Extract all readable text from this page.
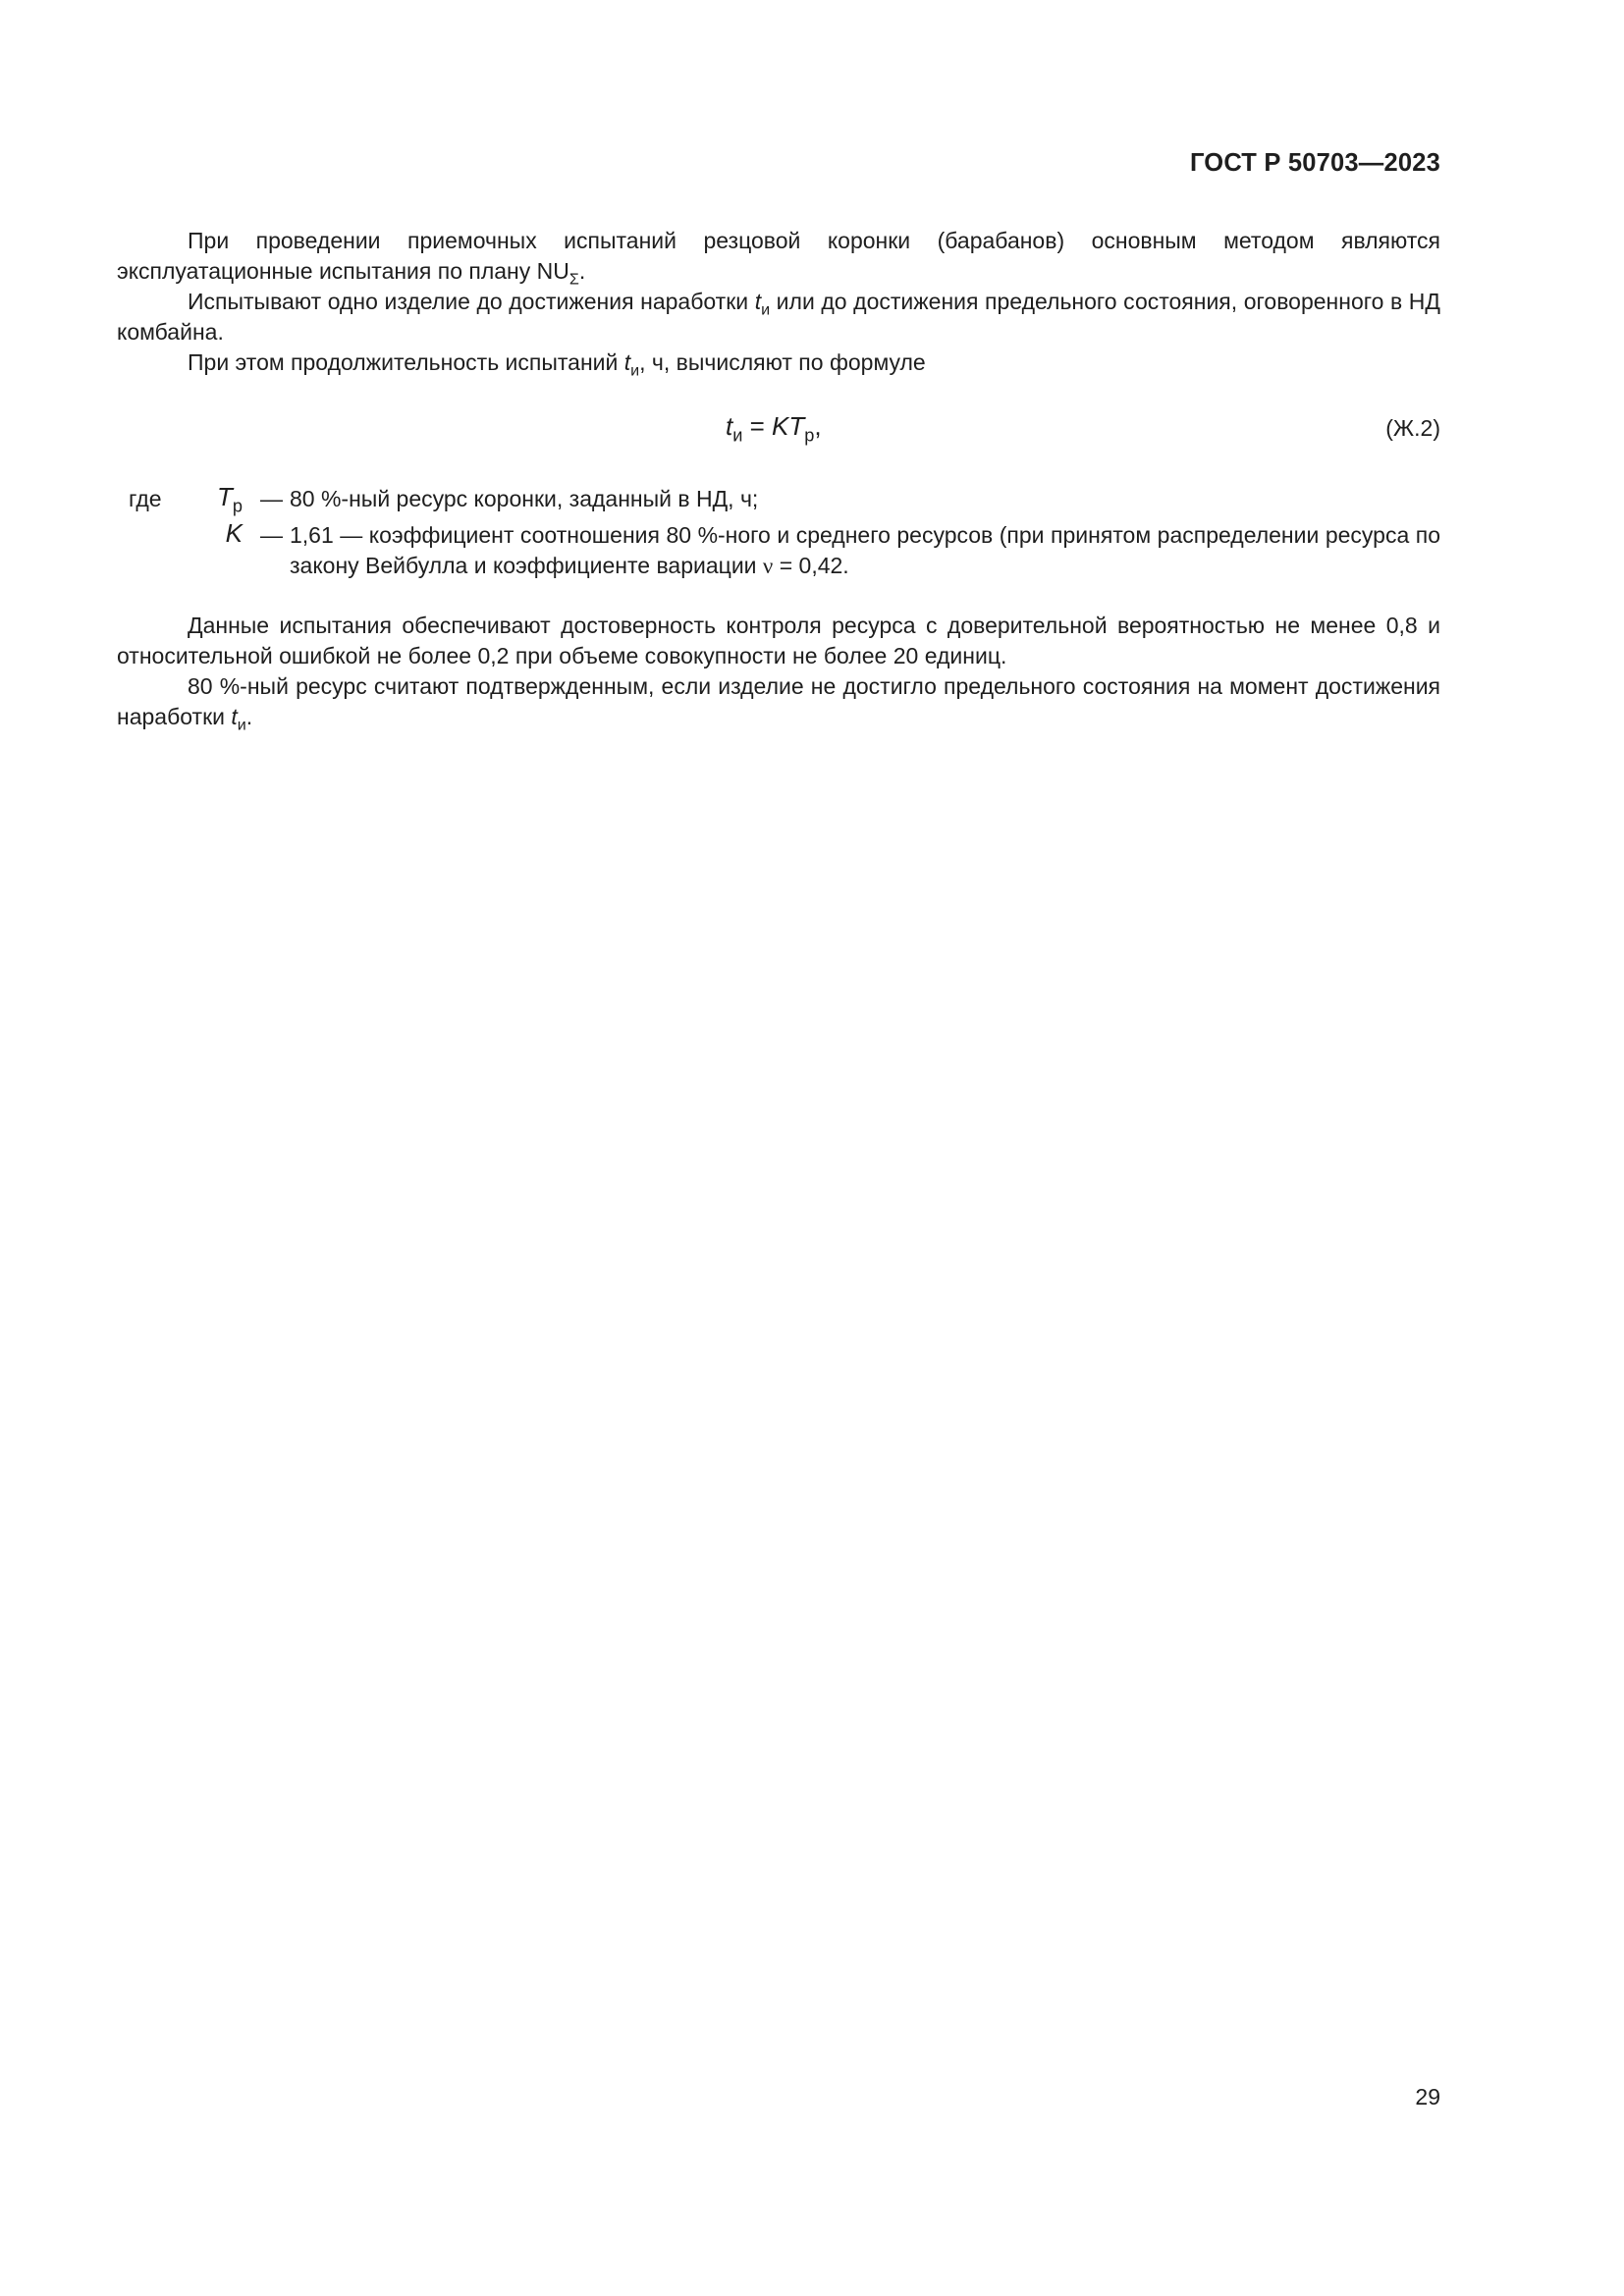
ГОСТ Р 50703—2023

При проведении приемочных испытаний резцовой коронки (барабанов) основным методом являются эксплуатационные испытания по плану $NU_\Sigma$.

Испытывают одно изделие до достижения наработки $t_и$ или до достижения предельного состояния, оговоренного в НД комбайна.

При этом продолжительность испытаний $t_и$, ч, вычисляют по формуле

$t_и = KT_р$,	(Ж.2)
где $T_р$ — 80 %-ный ресурс коронки, заданный в НД, ч;
K — 1,61 — коэффициент соотношения 80 %-ного и среднего ресурсов (при принятом распределении ресурса по закону Вейбулла и коэффициенте вариации ν = 0,42.

Данные испытания обеспечивают достоверность контроля ресурса с доверительной вероятностью не менее 0,8 и относительной ошибкой не более 0,2 при объеме совокупности не более 20 единиц.

80 %-ный ресурс считают подтвержденным, если изделие не достигло предельного состояния на момент достижения наработки $t_и$.

29
